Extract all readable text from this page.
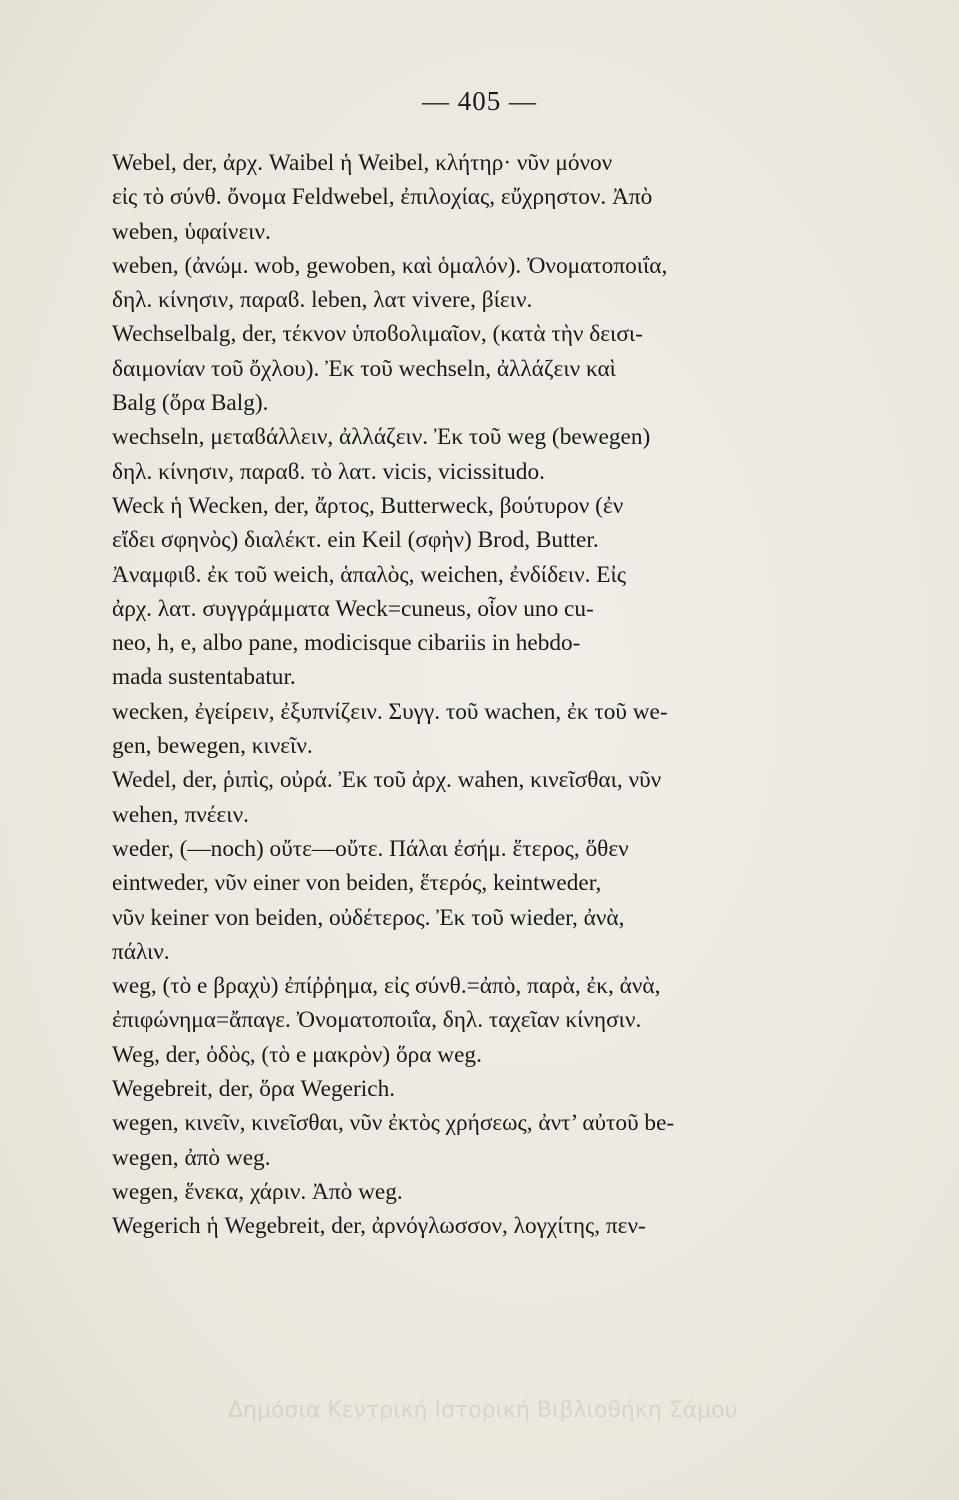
— 405 —

Webel, der, ἀρχ. Waibel ἡ Weibel, κλήτηρ· νῦν μόνον
εἰς τὸ σύνθ. ὄνομα Feldwebel, ἐπιλοχίας, εὔχρηστον. Ἀπὸ
weben, ὑφαίνειν.

weben, (ἀνώμ. wob, gewoben, καὶ ὁμαλόν). Ὀνοματοποιΐα,
δηλ. κίνησιν, παραϐ. leben, λατ vivere, βίειν.

Wechselbalg, der, τέκνον ὑποϐολιμαῖον, (κατὰ τὴν δεισι-
δαιμονίαν τοῦ ὄχλου). Ἐκ τοῦ wechseln, ἀλλάζειν καὶ
Balg (ὅρα Balg).

wechseln, μεταϐάλλειν, ἀλλάζειν. Ἐκ τοῦ weg (bewegen)
δηλ. κίνησιν, παραϐ. τὸ λατ. vicis, vicissitudo.

Weck ἡ Wecken, der, ἄρτος, Butterweck, βούτυρον (ἐν
εἴδει σφηνὸς) διαλέκτ. ein Keil (σφὴν) Brod, Butter.
Ἀναμφιϐ. ἐκ τοῦ weich, ἁπαλὸς, weichen, ἐνδίδειν. Εἰς
ἀρχ. λατ. συγγράμματα Weck=cuneus, οἷον uno cu-
neo, h, e, albo pane, modicisque cibariis in hebdo-
mada sustentabatur.

wecken, ἐγείρειν, ἐξυπνίζειν. Συγγ. τοῦ wachen, ἐκ τοῦ we-
gen, bewegen, κινεῖν.

Wedel, der, ῥιπὶς, οὐρά. Ἐκ τοῦ ἀρχ. wahen, κινεῖσθαι, νῦν
wehen, πνέειν.

weder, (—noch) οὔτε—οὔτε. Πάλαι ἐσήμ. ἕτερος, ὅθεν
eintweder, νῦν einer von beiden, ἕτερός, keintweder,
νῦν keiner von beiden, οὐδέτερος. Ἐκ τοῦ wieder, ἀνὰ,
πάλιν.

weg, (τὸ e βραχὺ) ἐπίῤῥημα, εἰς σύνθ.=ἀπὸ, παρὰ, ἐκ, ἀνὰ,
ἐπιφώνημα=ἄπαγε. Ὀνοματοποιΐα, δηλ. ταχεῖαν κίνησιν.

Weg, der, ὁδὸς, (τὸ e μακρὸν) ὅρα weg.

Wegebreit, der, ὅρα Wegerich.

wegen, κινεῖν, κινεῖσθαι, νῦν ἐκτὸς χρήσεως, ἀντ’ αὐτοῦ be-
wegen, ἀπὸ weg.

wegen, ἕνεκα, χάριν. Ἀπὸ weg.

Wegerich ἡ Wegebreit, der, ἀρνόγλωσσον, λογχίτης, πεν-

Δημόσια Κεντρική Ιστορική Βιβλιοθήκη Σάμου
